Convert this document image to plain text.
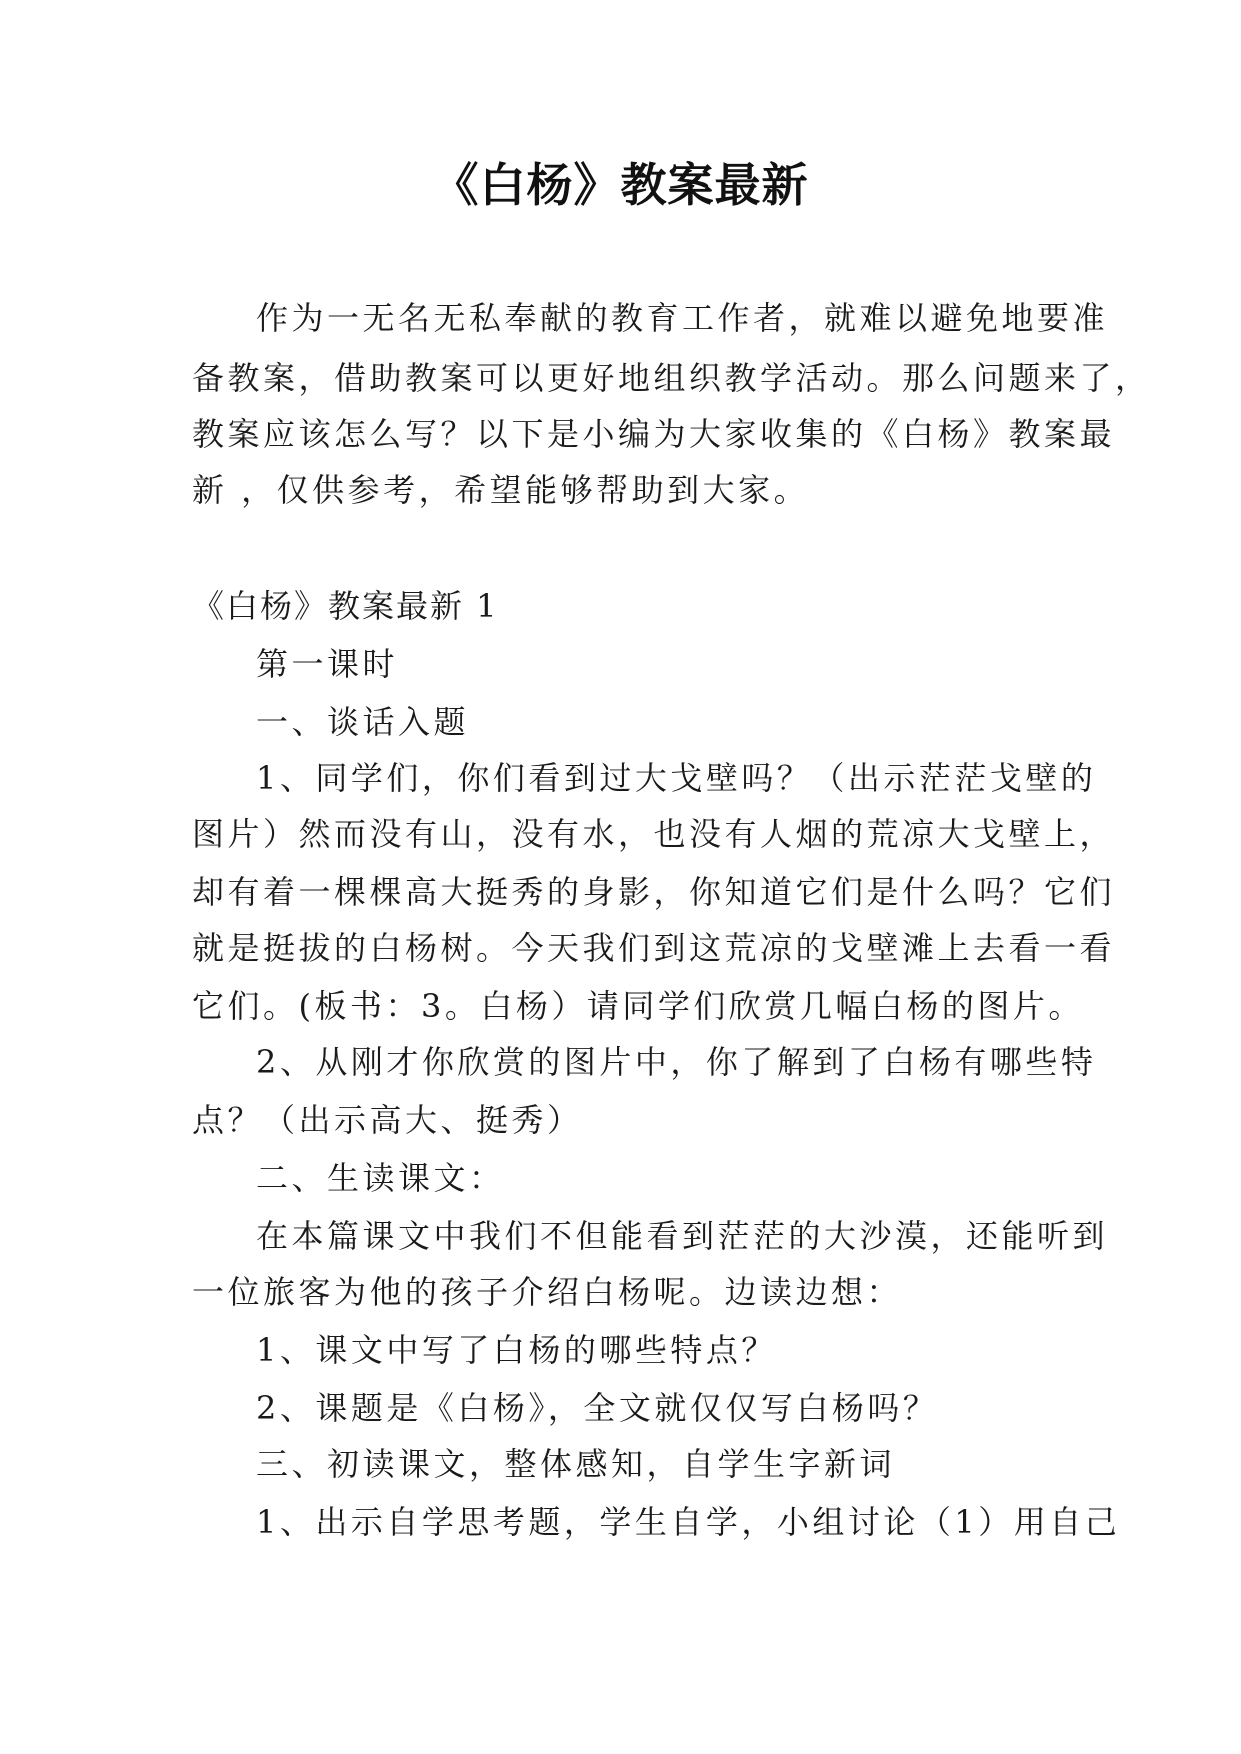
《白杨》教案最新
作为一无名无私奉献的教育工作者，就难以避免地要准
备教案，借助教案可以更好地组织教学活动。那么问题来了，
教案应该怎么写？以下是小编为大家收集的《白杨》教案最
新 ，仅供参考，希望能够帮助到大家。
《白杨》教案最新 1
第一课时
一、谈话入题
1、同学们，你们看到过大戈壁吗？（出示茫茫戈壁的
图片）然而没有山，没有水，也没有人烟的荒凉大戈壁上，
却有着一棵棵高大挺秀的身影，你知道它们是什么吗？它们
就是挺拔的白杨树。今天我们到这荒凉的戈壁滩上去看一看
它们。(板书：3。白杨）请同学们欣赏几幅白杨的图片。
2、从刚才你欣赏的图片中，你了解到了白杨有哪些特
点？（出示高大、挺秀）
二、生读课文：
在本篇课文中我们不但能看到茫茫的大沙漠，还能听到
一位旅客为他的孩子介绍白杨呢。边读边想：
1、课文中写了白杨的哪些特点？
2、课题是《白杨》，全文就仅仅写白杨吗？
三、初读课文，整体感知，自学生字新词
1、出示自学思考题，学生自学，小组讨论（1）用自己
